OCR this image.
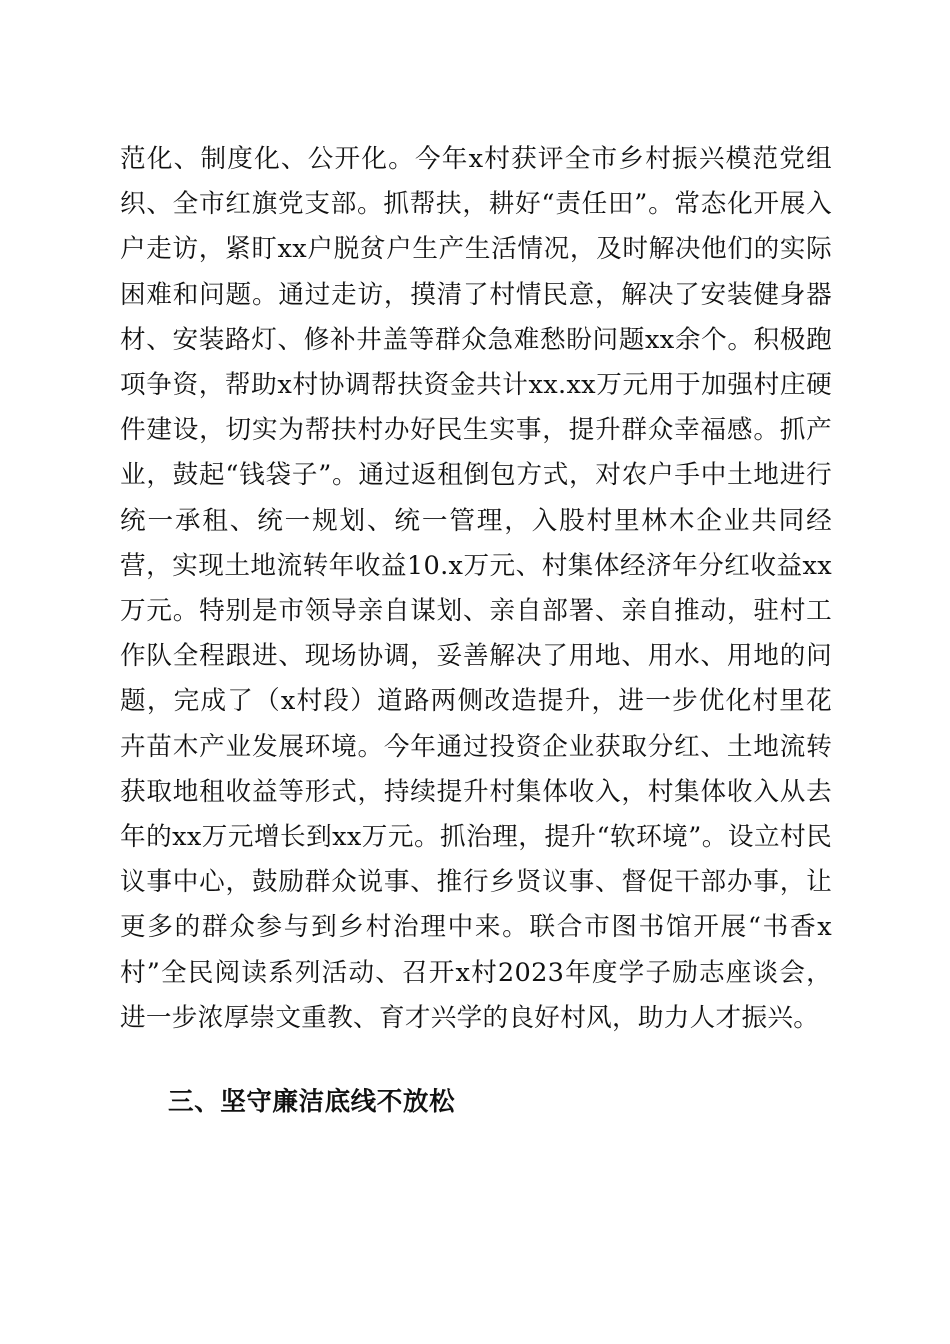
范化、制度化、公开化。今年x村获评全市乡村振兴模范党组织、全市红旗党支部。抓帮扶，耕好“责任田”。常态化开展入户走访，紧盯xx户脱贫户生产生活情况，及时解决他们的实际困难和问题。通过走访，摸清了村情民意，解决了安装健身器材、安装路灯、修补井盖等群众急难愁盼问题xx余个。积极跑项争资，帮助x村协调帮扶资金共计xx.xx万元用于加强村庄硬件建设，切实为帮扶村办好民生实事，提升群众幸福感。抓产业，鼓起“钱袋子”。通过返租倒包方式，对农户手中土地进行统一承租、统一规划、统一管理，入股村里林木企业共同经营，实现土地流转年收益10.x万元、村集体经济年分红收益xx万元。特别是市领导亲自谋划、亲自部署、亲自推动，驻村工作队全程跟进、现场协调，妥善解决了用地、用水、用地的问题，完成了（x村段）道路两侧改造提升，进一步优化村里花卉苗木产业发展环境。今年通过投资企业获取分红、土地流转获取地租收益等形式，持续提升村集体收入，村集体收入从去年的xx万元增长到xx万元。抓治理，提升“软环境”。设立村民议事中心，鼓励群众说事、推行乡贤议事、督促干部办事，让更多的群众参与到乡村治理中来。联合市图书馆开展“书香x村”全民阅读系列活动、召开x村2023年度学子励志座谈会，进一步浓厚崇文重教、育才兴学的良好村风，助力人才振兴。

三、坚守廉洁底线不放松
